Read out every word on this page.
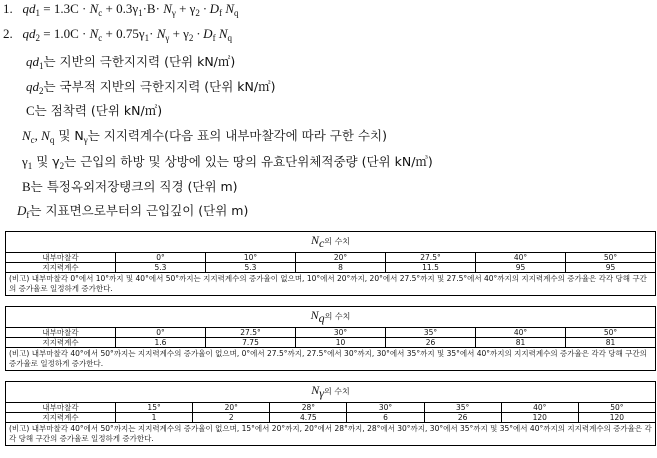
1. $qd_1 = 1.3C \cdot N_c + 0.3\gamma_1\cdot B\cdot N_\gamma + \gamma_2 \cdot D_f$ $N_q$
2. $qd_2 = 1.0C \cdot N_c + 0.75\gamma_1\cdot N_\gamma + \gamma_2 \cdot D_f$ $N_q$
$qd_1$는 지반의 극한지지력 (단위 kN/㎡)
$qd_2$는 국부적 지반의 극한지지력 (단위 kN/㎡)
C는 점착력 (단위 kN/㎡)
$N_c$, $N_q$ 및 $N_\gamma$는 지지력계수(다음 표의 내부마찰각에 따라 구한 수치)
$\gamma_1$ 및 $\gamma_2$는 근입의 하방 및 상방에 있는 땅의 유효단위체적중량 (단위 kN/㎥)
B는 특정옥외저장탱크의 직경 (단위 m)
$D_f$는 지표면으로부터의 근입깊이 (단위 m)
$N_c$의 수치						
내부마찰각	0°	10°	20°	27.5°	40°	50°
지지력계수	5.3	5.3	8	11.5	95	95
(비고) 내부마찰각 0°에서 10°까지 및 40°에서 50°까지는 지지력계수의 증가율이 없으며, 10°에서 20°까지, 20°에서 27.5°까지 및 27.5°에서 40°까지의 지지력계수의 증가율은 각각 당해 구간의 증가율로 일정하게 증가한다.						
$N_q$의 수치						
내부마찰각	0°	27.5°	30°	35°	40°	50°
지지력계수	1.6	7.75	10	26	81	81
(비고) 내부마찰각 40°에서 50°까지는 지지력계수의 증가율이 없으며, 0°에서 27.5°까지, 27.5°에서 30°까지, 30°에서 35°까지 및 35°에서 40°까지의 지지력계수의 증가율은 각각 당해 구간의 증가율로 일정하게 증가한다.						
$N_\gamma$의 수치							
내부마찰각	15°	20°	28°	30°	35°	40°	50°
지지력계수	1	2	4.75	6	26	120	120
(비고) 내부마찰각 40°에서 50°까지는 지지력계수의 증가율이 없으며, 15°에서 20°까지, 20°에서 28°까지, 28°에서 30°까지, 30°에서 35°까지 및 35°에서 40°까지의 지지력계수의 증가율은 각각 당해 구간의 증가율로 일정하게 증가한다.							
